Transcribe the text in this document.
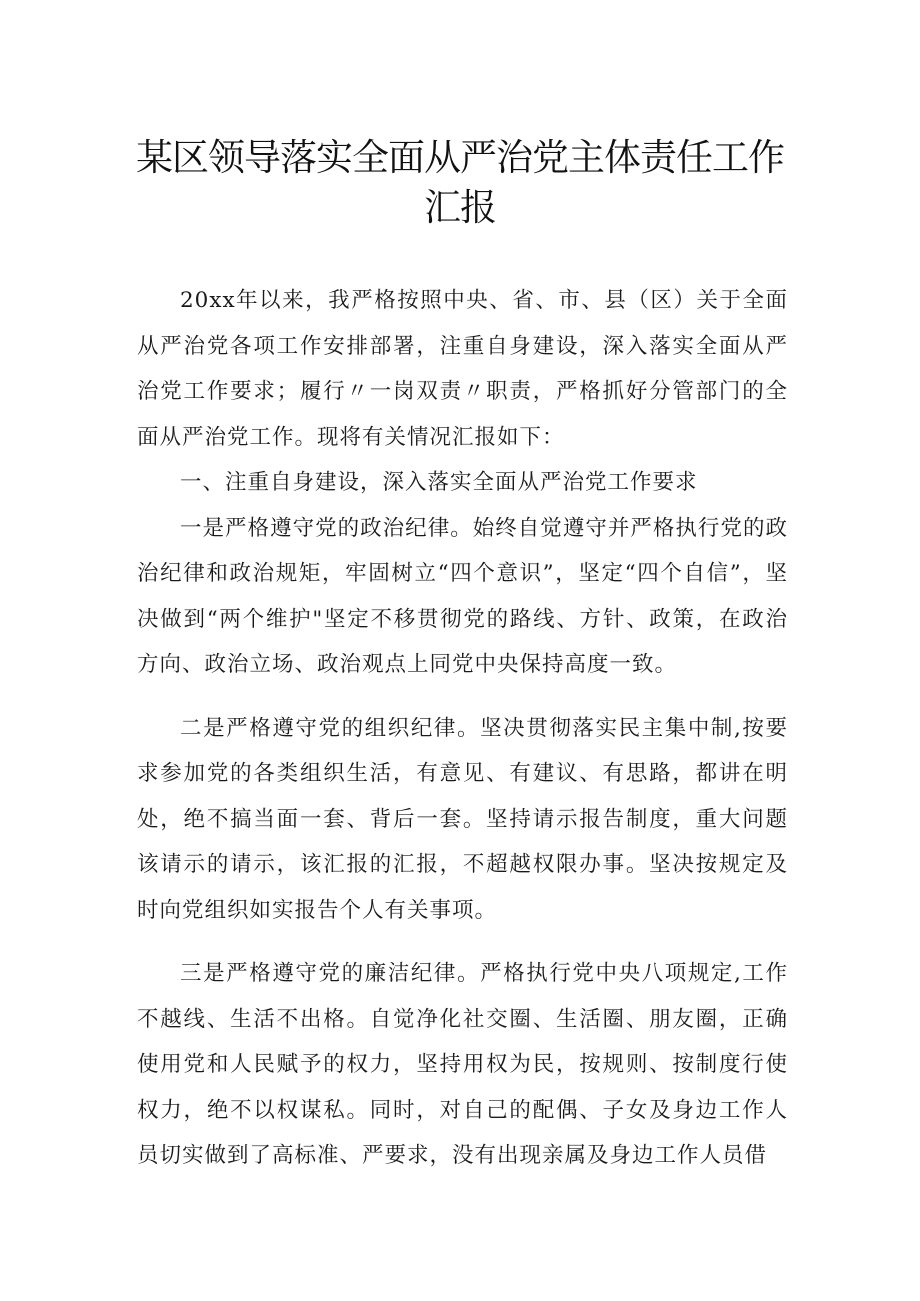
某区领导落实全面从严治党主体责任工作
汇报

20xx年以来，我严格按照中央、省、市、县（区）关于全面从严治党各项工作安排部署，注重自身建设，深入落实全面从严治党工作要求；履行〃一岗双责〃职责，严格抓好分管部门的全面从严治党工作。现将有关情况汇报如下：

一、注重自身建设，深入落实全面从严治党工作要求

一是严格遵守党的政治纪律。始终自觉遵守并严格执行党的政治纪律和政治规矩，牢固树立“四个意识”，坚定“四个自信”，坚决做到“两个维护"坚定不移贯彻党的路线、方针、政策，在政治方向、政治立场、政治观点上同党中央保持高度一致。

二是严格遵守党的组织纪律。坚决贯彻落实民主集中制,按要求参加党的各类组织生活，有意见、有建议、有思路，都讲在明处，绝不搞当面一套、背后一套。坚持请示报告制度，重大问题该请示的请示，该汇报的汇报，不超越权限办事。坚决按规定及时向党组织如实报告个人有关事项。

三是严格遵守党的廉洁纪律。严格执行党中央八项规定,工作不越线、生活不出格。自觉净化社交圈、生活圈、朋友圈，正确使用党和人民赋予的权力，坚持用权为民，按规则、按制度行使权力，绝不以权谋私。同时，对自己的配偶、子女及身边工作人员切实做到了高标准、严要求，没有出现亲属及身边工作人员借
